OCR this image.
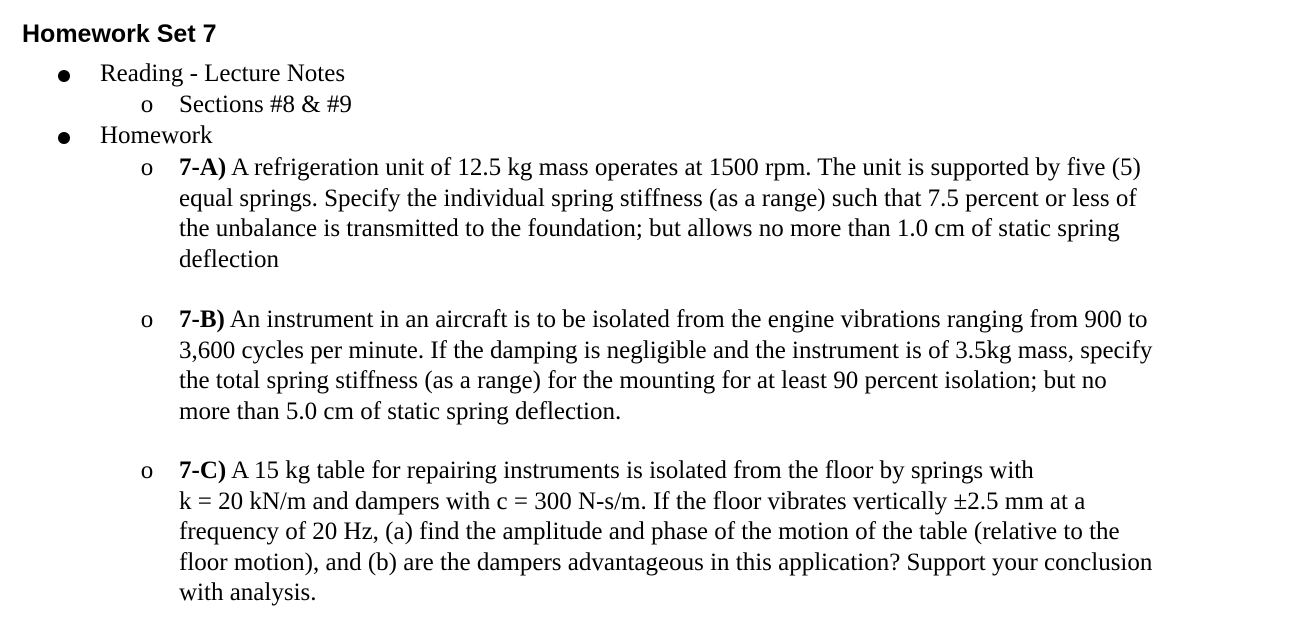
Homework Set 7
Reading - Lecture Notes
o Sections #8 & #9
Homework
o 7-A) A refrigeration unit of 12.5 kg mass operates at 1500 rpm. The unit is supported by five (5)
equal springs. Specify the individual spring stiffness (as a range) such that 7.5 percent or less of
the unbalance is transmitted to the foundation; but allows no more than 1.0 cm of static spring
deflection
o 7-B) An instrument in an aircraft is to be isolated from the engine vibrations ranging from 900 to
3,600 cycles per minute. If the damping is negligible and the instrument is of 3.5kg mass, specify
the total spring stiffness (as a range) for the mounting for at least 90 percent isolation; but no
more than 5.0 cm of static spring deflection.
o 7-C) A 15 kg table for repairing instruments is isolated from the floor by springs with
k = 20 kN/m and dampers with c = 300 N-s/m. If the floor vibrates vertically ±2.5 mm at a
frequency of 20 Hz, (a) find the amplitude and phase of the motion of the table (relative to the
floor motion), and (b) are the dampers advantageous in this application? Support your conclusion
with analysis.
